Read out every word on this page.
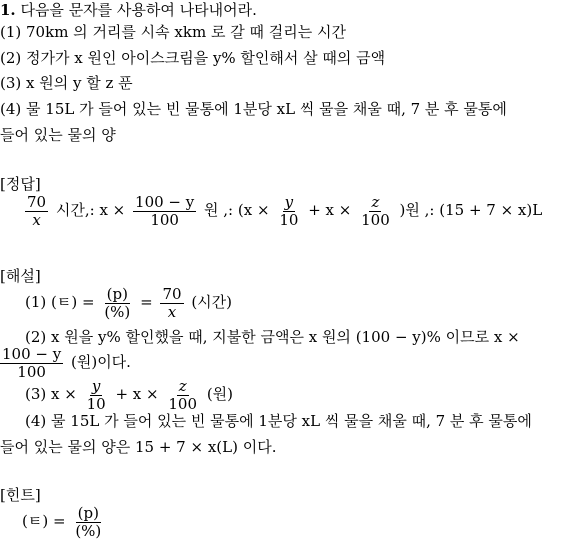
1. 다음을 문자를 사용하여 나타내어라.
(1) 70km 의 거리를 시속 xkm 로 갈 때 걸리는 시간
(2) 정가가 x 원인 아이스크림을 y% 할인해서 살 때의 금액
(3) x 원의 y 할 z 푼
(4) 물 15L 가 들어 있는 빈 물통에 1분당 xL 씩 물을 채울 때, 7 분 후 물통에
들어 있는 물의 양
[정답]
$\frac{70}{x}$ 시간,: $x \times \frac{100 - y}{100}$ 원 ,: ($x \times \frac{y}{10} + x \times \frac{z}{100}$ )원 ,: (15 + 7 × x)L
[해설]
(1) (ㅌ) = $\frac{(p)}{(\%)} = \frac{70}{x}$ (시간)
(2) x 원을 y% 할인했을 때, 지불한 금액은 x 원의 (100 − y)% 이므로 x ×
$\frac{100 - y}{100}$ (원)이다.
(3) $x \times \frac{y}{10} + x \times \frac{z}{100}$ (원)
(4) 물 15L 가 들어 있는 빈 물통에 1분당 xL 씩 물을 채울 때, 7 분 후 물통에
들어 있는 물의 양은 15 + 7 × x(L) 이다.
[힌트]
(ㅌ) = $\frac{(p)}{(\%)}$
